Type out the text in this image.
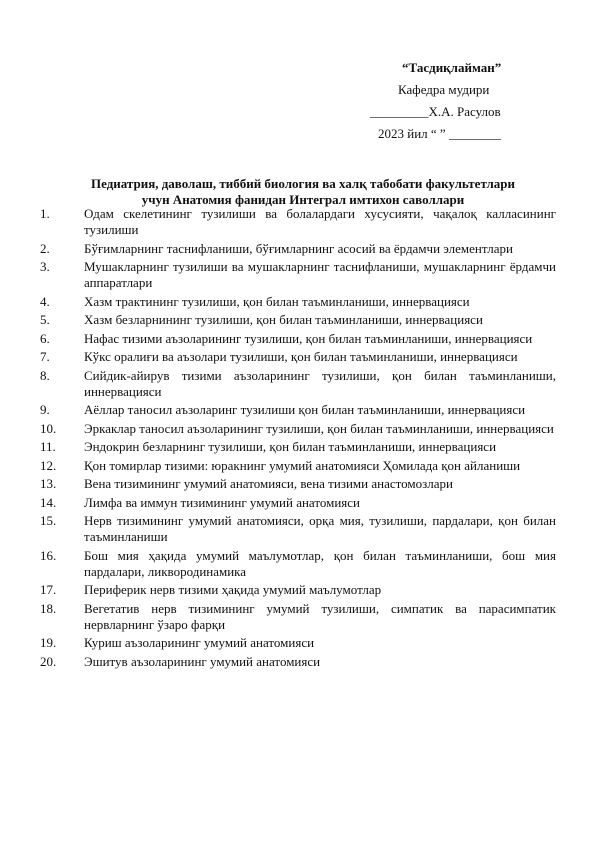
“Тасдиқлайман”
Кафедра мудири
_________Х.А. Расулов
2023 йил “ ” ________
Педиатрия, даволаш, тиббий биология ва халқ табобати факультетлари
учун Анатомия фанидан Интеграл имтихон саволлари
1.	Одам скелетининг тузилиши ва болалардаги хусусияти, чақалоқ калласининг тузилиши
2.	Бўғимларнинг таснифланиши, бўғимларнинг асосий ва ёрдамчи элементлари
3.	Мушакларнинг тузилиши ва мушакларнинг таснифланиши, мушакларнинг ёрдамчи аппаратлари
4.	Хазм трактининг тузилиши, қон билан таъминланиши, иннервацияси
5.	Хазм безларнининг тузилиши, қон билан таъминланиши, иннервацияси
6.	Нафас тизими аъзоларининг тузилиши, қон билан таъминланиши, иннервацияси
7.	Кўкс оралиғи ва аъзолари тузилиши, қон билан таъминланиши, иннервацияси
8.	Сийдик-айирув тизими аъзоларининг тузилиши, қон билан таъминланиши, иннервацияси
9.	Аёллар таносил аъзоларинг тузилиши қон билан таъминланиши, иннервацияси
10.	Эркаклар таносил аъзоларининг тузилиши, қон билан таъминланиши, иннервацияси
11.	Эндокрин безларнинг тузилиши, қон билан таъминланиши, иннервацияси
12.	Қон томирлар тизими: юракнинг умумий анатомияси Ҳомилада қон айланиши
13.	Вена тизимининг умумий анатомияси, вена тизими анастомозлари
14.	Лимфа ва иммун тизимининг умумий анатомияси
15.	Нерв тизимининг умумий анатомияси, орқа мия, тузилиши, пардалари, қон билан таъминланиши
16.	Бош мия ҳақида умумий маълумотлар, қон билан таъминланиши, бош мия пардалари, ликвородинамика
17.	Периферик нерв тизими ҳақида умумий маълумотлар
18.	Вегетатив нерв тизимининг умумий тузилиши, симпатик ва парасимпатик нервларнинг ўзаро фарқи
19.	Куриш аъзоларининг умумий анатомияси
20.	Эшитув аъзоларининг умумий анатомияси
